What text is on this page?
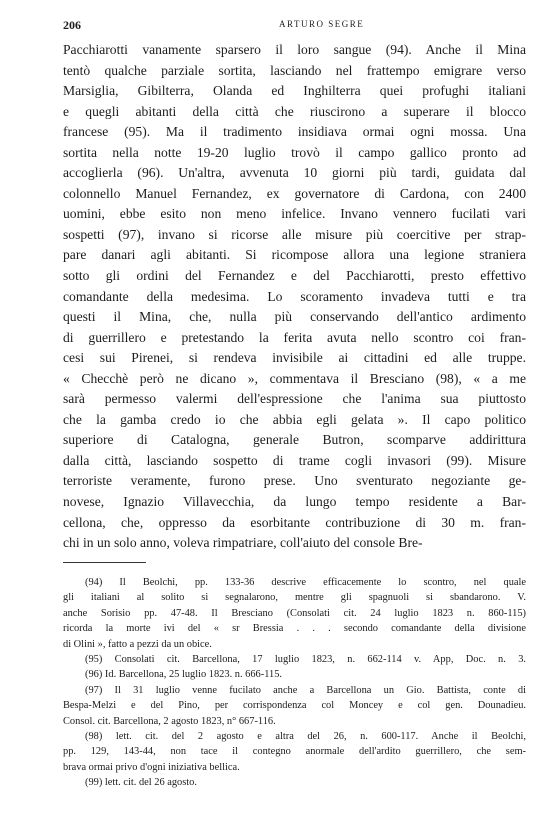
206	ARTURO SEGRE
Pacchiarotti vanamente sparsero il loro sangue (94). Anche il Mina
tentò qualche parziale sortita, lasciando nel frattempo emigrare verso
Marsiglia, Gibilterra, Olanda ed Inghilterra quei profughi italiani
e quegli abitanti della città che riuscirono a superare il blocco
francese (95). Ma il tradimento insidiava ormai ogni mossa. Una
sortita nella notte 19-20 luglio trovò il campo gallico pronto ad
accoglierla (96). Un'altra, avvenuta 10 giorni più tardi, guidata dal
colonnello Manuel Fernandez, ex governatore di Cardona, con 2400
uomini, ebbe esito non meno infelice. Invano vennero fucilati vari
sospetti (97), invano si ricorse alle misure più coercitive per strap-
pare danari agli abitanti. Si ricompose allora una legione straniera
sotto gli ordini del Fernandez e del Pacchiarotti, presto effettivo
comandante della medesima. Lo scoramento invadeva tutti e tra
questi il Mina, che, nulla più conservando dell'antico ardimento
di guerrillero e pretestando la ferita avuta nello scontro coi fran-
cesi sui Pirenei, si rendeva invisibile ai cittadini ed alle truppe.
« Checchè però ne dicano », commentava il Bresciano (98), « a me
sarà permesso valermi dell'espressione che l'anima sua piuttosto
che la gamba credo io che abbia egli gelata ». Il capo politico
superiore di Catalogna, generale Butron, scomparve addirittura
dalla città, lasciando sospetto di trame cogli invasori (99). Misure
terroriste veramente, furono prese. Uno sventurato negoziante ge-
novese, Ignazio Villavecchia, da lungo tempo residente a Bar-
cellona, che, oppresso da esorbitante contribuzione di 30 m. fran-
chi in un solo anno, voleva rimpatriare, coll'aiuto del console Bre-
(94) Il Beolchi, pp. 133-36 descrive efficacemente lo scontro, nel quale
gli italiani al solito si segnalarono, mentre gli spagnuoli si sbandarono. V.
anche Sorisio pp. 47-48. Il Bresciano (Consolati cit. 24 luglio 1823 n. 860-115)
ricorda la morte ivi del « sr Bressia . . . secondo comandante della divisione
di Olini », fatto a pezzi da un obice.
(95) Consolati cit. Barcellona, 17 luglio 1823, n. 662-114 v. App, Doc. n. 3.
(96) Id. Barcellona, 25 luglio 1823. n. 666-115.
(97) Il 31 luglio venne fucilato anche a Barcellona un Gio. Battista, conte di
Bespa-Melzi e del Pino, per corrispondenza col Moncey e col gen. Dounadieu.
Consol. cit. Barcellona, 2 agosto 1823, n° 667-116.
(98) lett. cit. del 2 agosto e altra del 26, n. 600-117. Anche il Beolchi,
pp. 129, 143-44, non tace il contegno anormale dell'ardito guerrillero, che sem-
brava ormai privo d'ogni iniziativa bellica.
(99) lett. cit. del 26 agosto.
